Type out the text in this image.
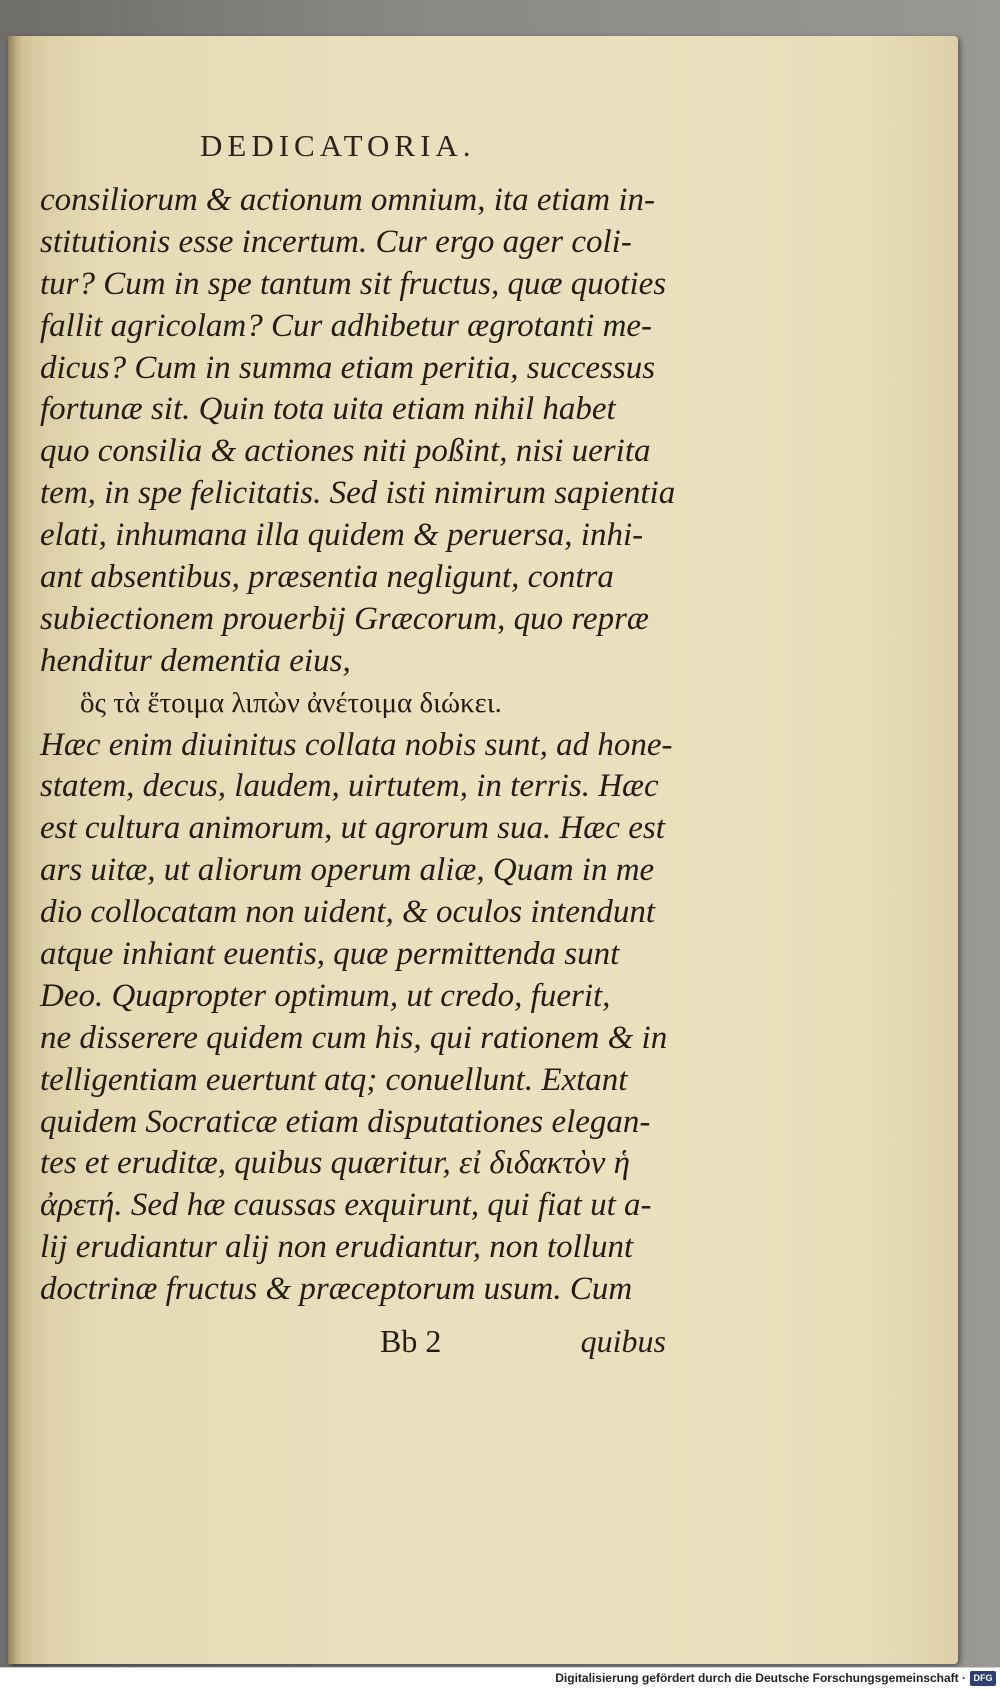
DEDICATORIA.
consiliorum & actionum omnium, ita etiam in-
stitutionis esse incertum. Cur ergo ager coli-
tur? Cum in spe tantum sit fructus, quæ quoties
fallit agricolam? Cur adhibetur ægrotanti me-
dicus? Cum in summa etiam peritia, successus
fortunæ sit. Quin tota uita etiam nihil habet
quo consilia & actiones niti poßint, nisi uerita
tem, in spe felicitatis. Sed isti nimirum sapientia
elati, inhumana illa quidem & peruersa, inhi-
ant absentibus, præsentia negligunt, contra
subiectionem prouerbij Græcorum, quo repræ
henditur dementia eius,
ὃς τὰ ἕτοιμα λιπὼν ἀνέτοιμα διώκει.
Hæc enim diuinitus collata nobis sunt, ad hone-
statem, decus, laudem, uirtutem, in terris. Hæc
est cultura animorum, ut agrorum sua. Hæc est
ars uitæ, ut aliorum operum aliæ, Quam in me
dio collocatam non uident, & oculos intendunt
atque inhiant euentis, quæ permittenda sunt
Deo. Quapropter optimum, ut credo, fuerit,
ne disserere quidem cum his, qui rationem & in
telligentiam euertunt atq; conuellunt. Extant
quidem Socraticæ etiam disputationes elegan-
tes et eruditæ, quibus quæritur, εἰ διδακτὸν ἡ
ἀρετή. Sed hæ caussas exquirunt, qui fiat ut a-
lij erudiantur alij non erudiantur, non tollunt
doctrinæ fructus & præceptorum usum. Cum
Bb 2	quibus
Digitalisierung gefördert durch die Deutsche Forschungsgemeinschaft · DFG
